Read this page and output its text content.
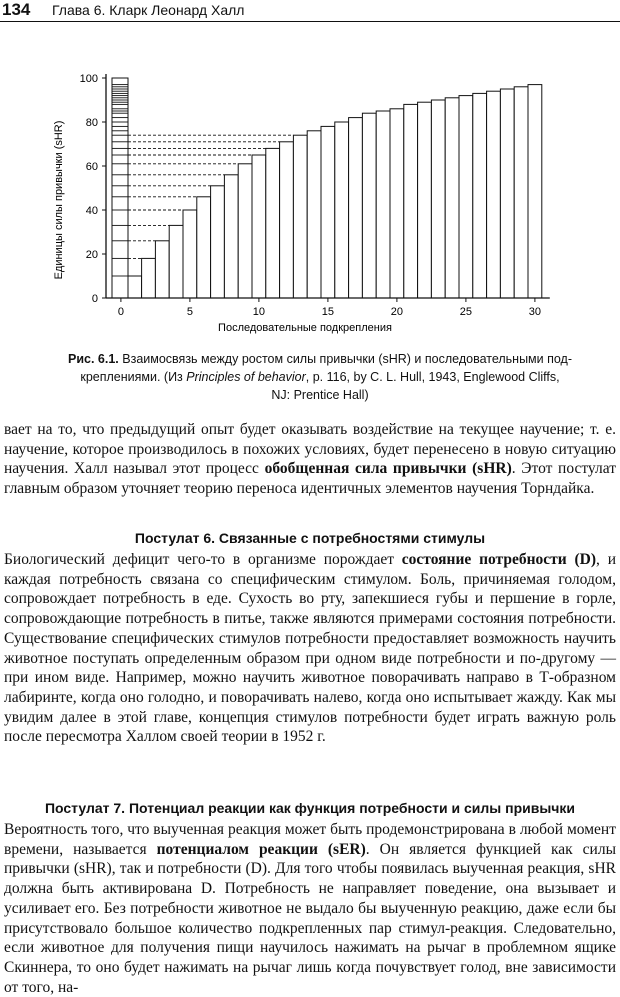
134 Глава 6. Кларк Леонард Халл
0
20
40
60
80
100
0	5	10	15	20	25	30
Последовательные подкрепления
Единицы силы привычки (sHR)
Рис. 6.1. Взаимосвязь между ростом силы привычки (sHR) и последовательными под-
креплениями. (Из Principles of behavior, p. 116, by C. L. Hull, 1943, Englewood Cliffs,
NJ: Prentice Hall)

вает на то, что предыдущий опыт будет оказывать воздействие на текущее научение; т. е. научение, которое производилось в похожих условиях, будет перенесено в новую ситуацию научения. Халл называл этот процесс обобщенная сила привычки (sHR). Этот постулат главным образом уточняет теорию переноса идентичных элементов научения Торндайка.

Постулат 6. Связанные с потребностями стимулы

Биологический дефицит чего-то в организме порождает состояние потребности (D), и каждая потребность связана со специфическим стимулом. Боль, причиняемая голодом, сопровождает потребность в еде. Сухость во рту, запекшиеся губы и першение в горле, сопровождающие потребность в питье, также являются примерами состояния потребности. Существование специфических стимулов потребности предоставляет возможность научить животное поступать определенным образом при одном виде потребности и по-другому — при ином виде. Например, можно научить животное поворачивать направо в Т-образном лабиринте, когда оно голодно, и поворачивать налево, когда оно испытывает жажду. Как мы увидим далее в этой главе, концепция стимулов потребности будет играть важную роль после пересмотра Халлом своей теории в 1952 г.

Постулат 7. Потенциал реакции как функция потребности и силы привычки

Вероятность того, что выученная реакция может быть продемонстрирована в любой момент времени, называется потенциалом реакции (sER). Он является функцией как силы привычки (sHR), так и потребности (D). Для того чтобы появилась выученная реакция, sHR должна быть активирована D. Потребность не направляет поведение, она вызывает и усиливает его. Без потребности животное не выдало бы выученную реакцию, даже если бы присутствовало большое количество подкрепленных пар стимул-реакция. Следовательно, если животное для получения пищи научилось нажимать на рычаг в проблемном ящике Скиннера, то оно будет нажимать на рычаг лишь когда почувствует голод, вне зависимости от того, на-
